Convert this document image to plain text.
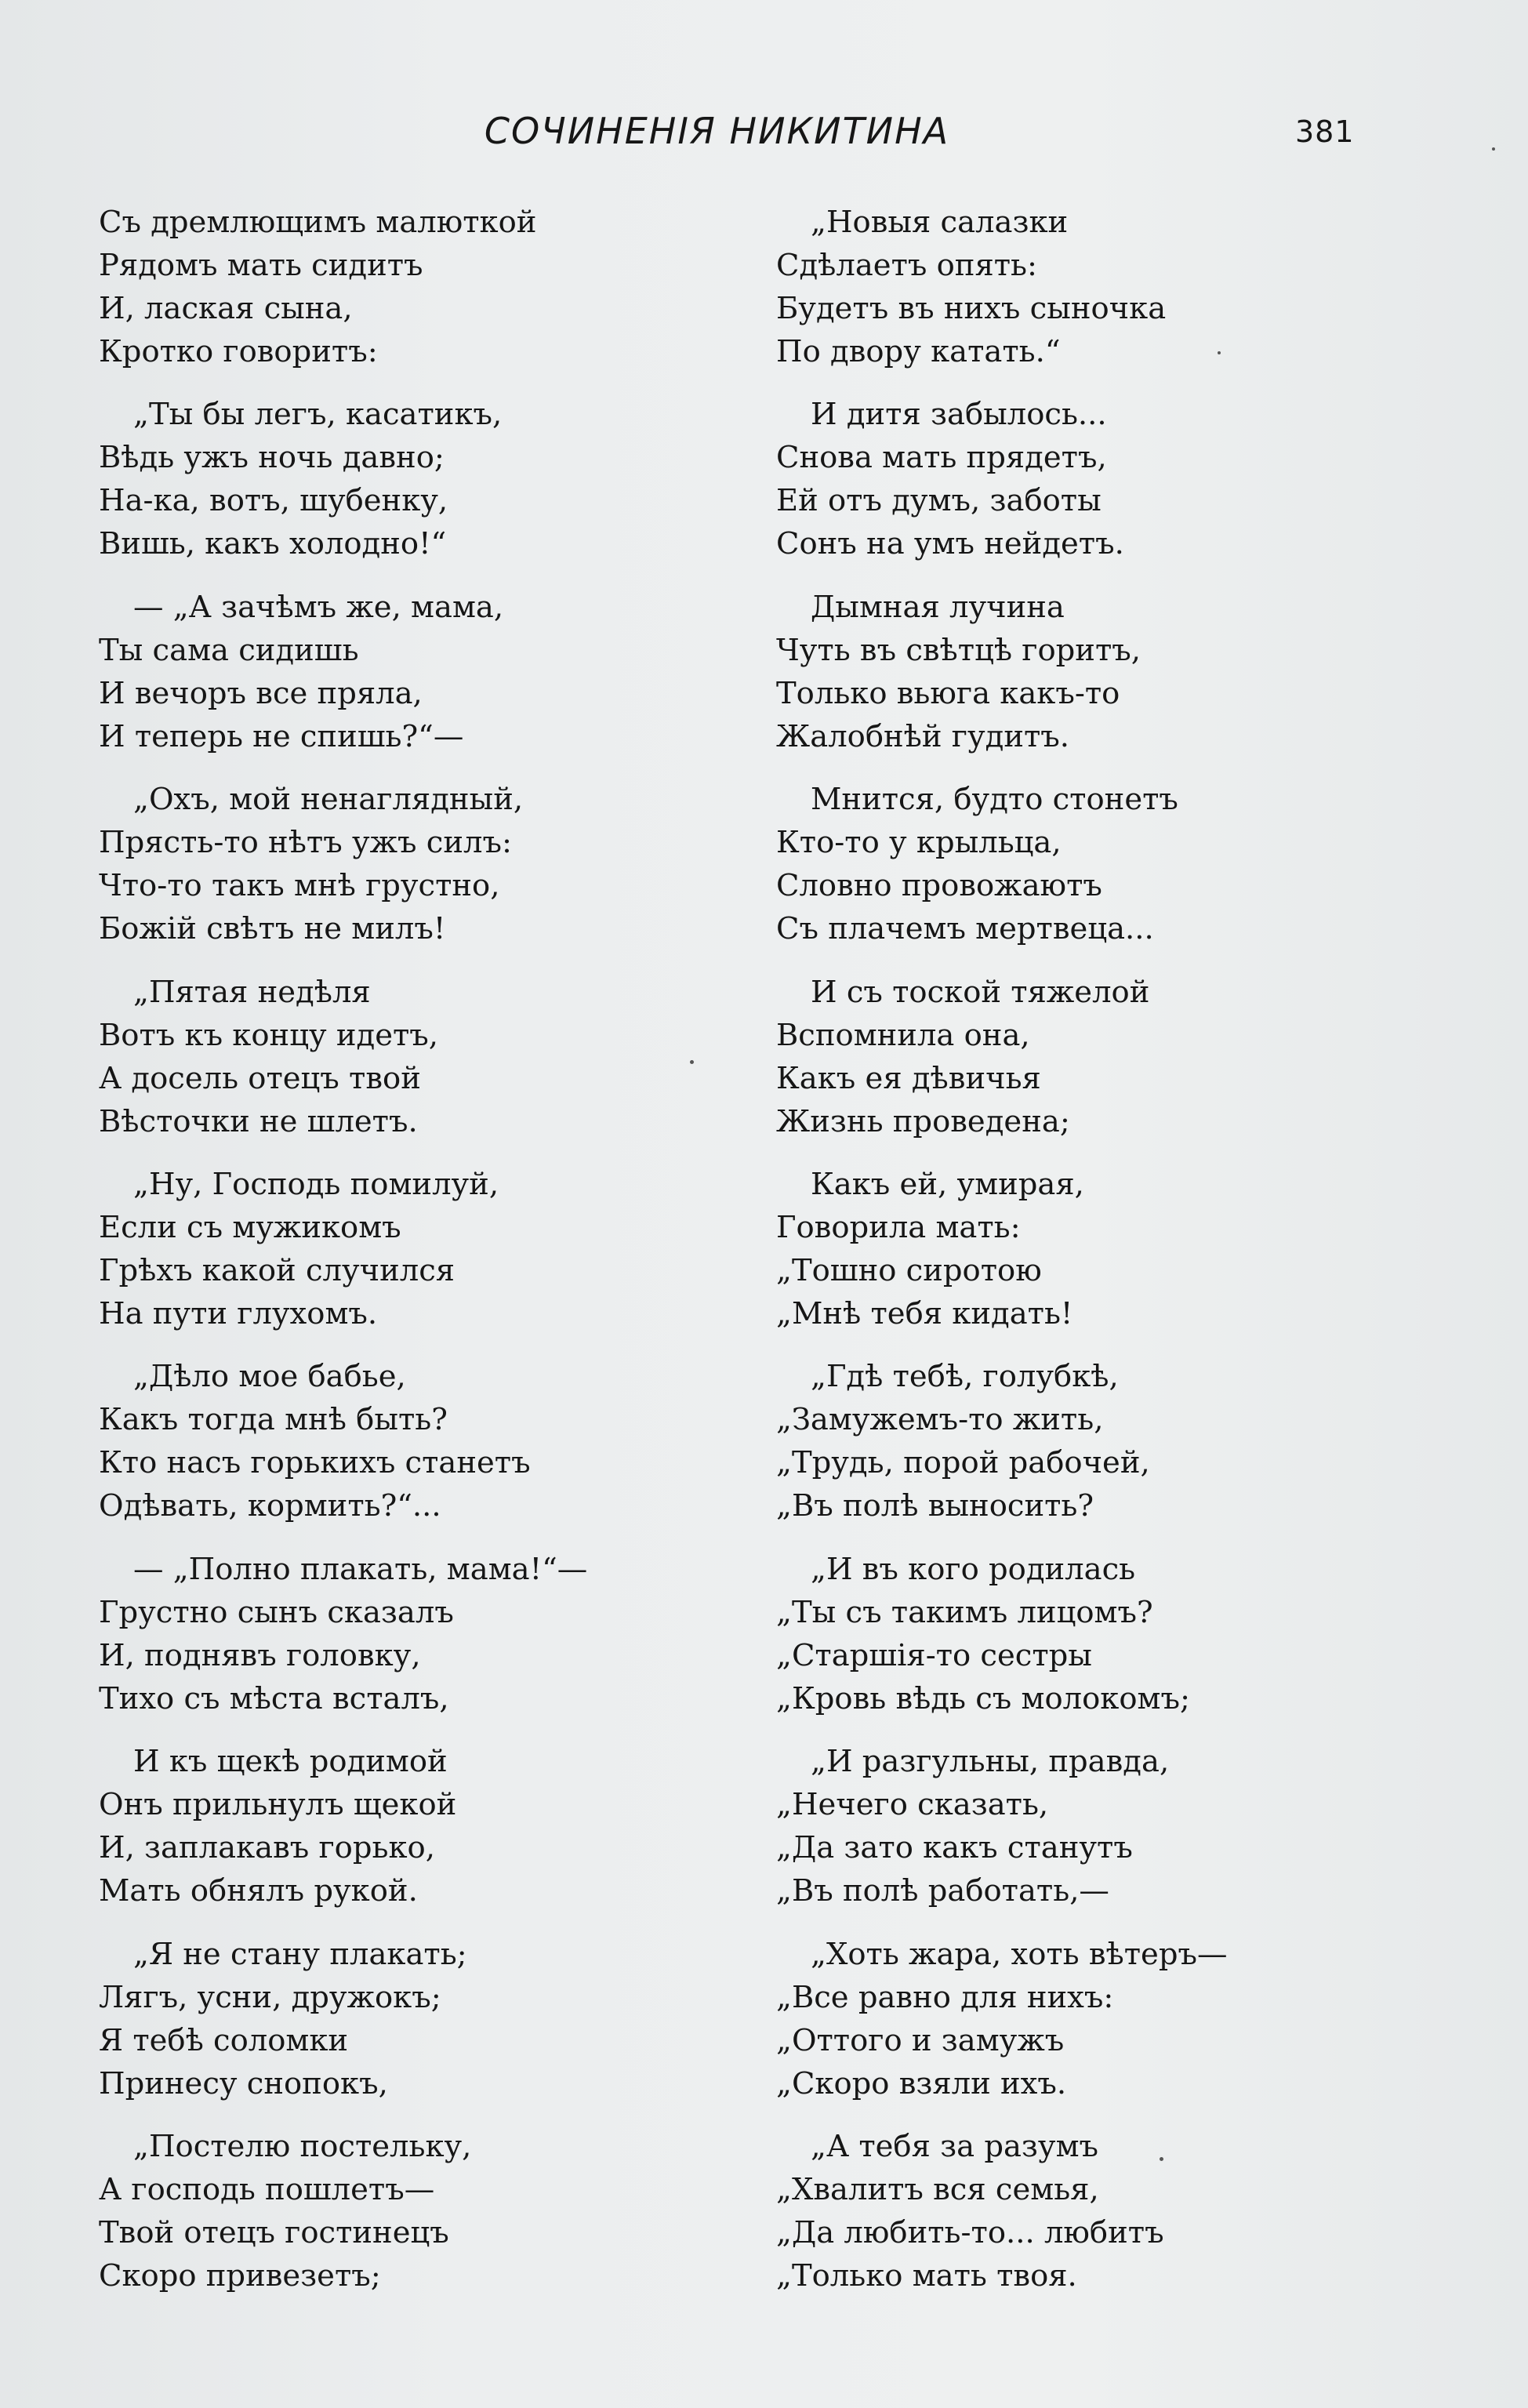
СОЧИНЕНІЯ НИКИТИНА	381
Съ дремлющимъ малюткой
Рядомъ мать сидитъ
И, лаская сына,
Кротко говоритъ:
„Ты бы легъ, касатикъ,
Вѣдь ужъ ночь давно;
На-ка, вотъ, шубенку,
Вишь, какъ холодно!“
— „А зачѣмъ же, мама,
Ты сама сидишь
И вечоръ все пряла,
И теперь не спишь?“—
„Охъ, мой ненаглядный,
Прясть-то нѣтъ ужъ силъ:
Что-то такъ мнѣ грустно,
Божій свѣтъ не милъ!
„Пятая недѣля
Вотъ къ концу идетъ,
А досель отецъ твой
Вѣсточки не шлетъ.
„Ну, Господь помилуй,
Если съ мужикомъ
Грѣхъ какой случился
На пути глухомъ.
„Дѣло мое бабье,
Какъ тогда мнѣ быть?
Кто насъ горькихъ станетъ
Одѣвать, кормить?“...
— „Полно плакать, мама!“—
Грустно сынъ сказалъ
И, поднявъ головку,
Тихо съ мѣста всталъ,
И къ щекѣ родимой
Онъ прильнулъ щекой
И, заплакавъ горько,
Мать обнялъ рукой.
„Я не стану плакать;
Лягъ, усни, дружокъ;
Я тебѣ соломки
Принесу снопокъ,
„Постелю постельку,
А господь пошлетъ—
Твой отецъ гостинецъ
Скоро привезетъ;
„Новыя салазки
Сдѣлаетъ опять:
Будетъ въ нихъ сыночка
По двору катать.“
И дитя забылось...
Снова мать прядетъ,
Ей отъ думъ, заботы
Сонъ на умъ нейдетъ.
Дымная лучина
Чуть въ свѣтцѣ горитъ,
Только вьюга какъ-то
Жалобнѣй гудитъ.
Мнится, будто стонетъ
Кто-то у крыльца,
Словно провожаютъ
Съ плачемъ мертвеца...
И съ тоской тяжелой
Вспомнила она,
Какъ ея дѣвичья
Жизнь проведена;
Какъ ей, умирая,
Говорила мать:
„Тошно сиротою
„Мнѣ тебя кидать!
„Гдѣ тебѣ, голубкѣ,
„Замужемъ-то жить,
„Трудь, порой рабочей,
„Въ полѣ выносить?
„И въ кого родилась
„Ты съ такимъ лицомъ?
„Старшія-то сестры
„Кровь вѣдь съ молокомъ;
„И разгульны, правда,
„Нечего сказать,
„Да зато какъ станутъ
„Въ полѣ работать,—
„Хоть жара, хоть вѣтеръ—
„Все равно для нихъ:
„Оттого и замужъ
„Скоро взяли ихъ.
„А тебя за разумъ
„Хвалитъ вся семья,
„Да любить-то... любитъ
„Только мать твоя.
